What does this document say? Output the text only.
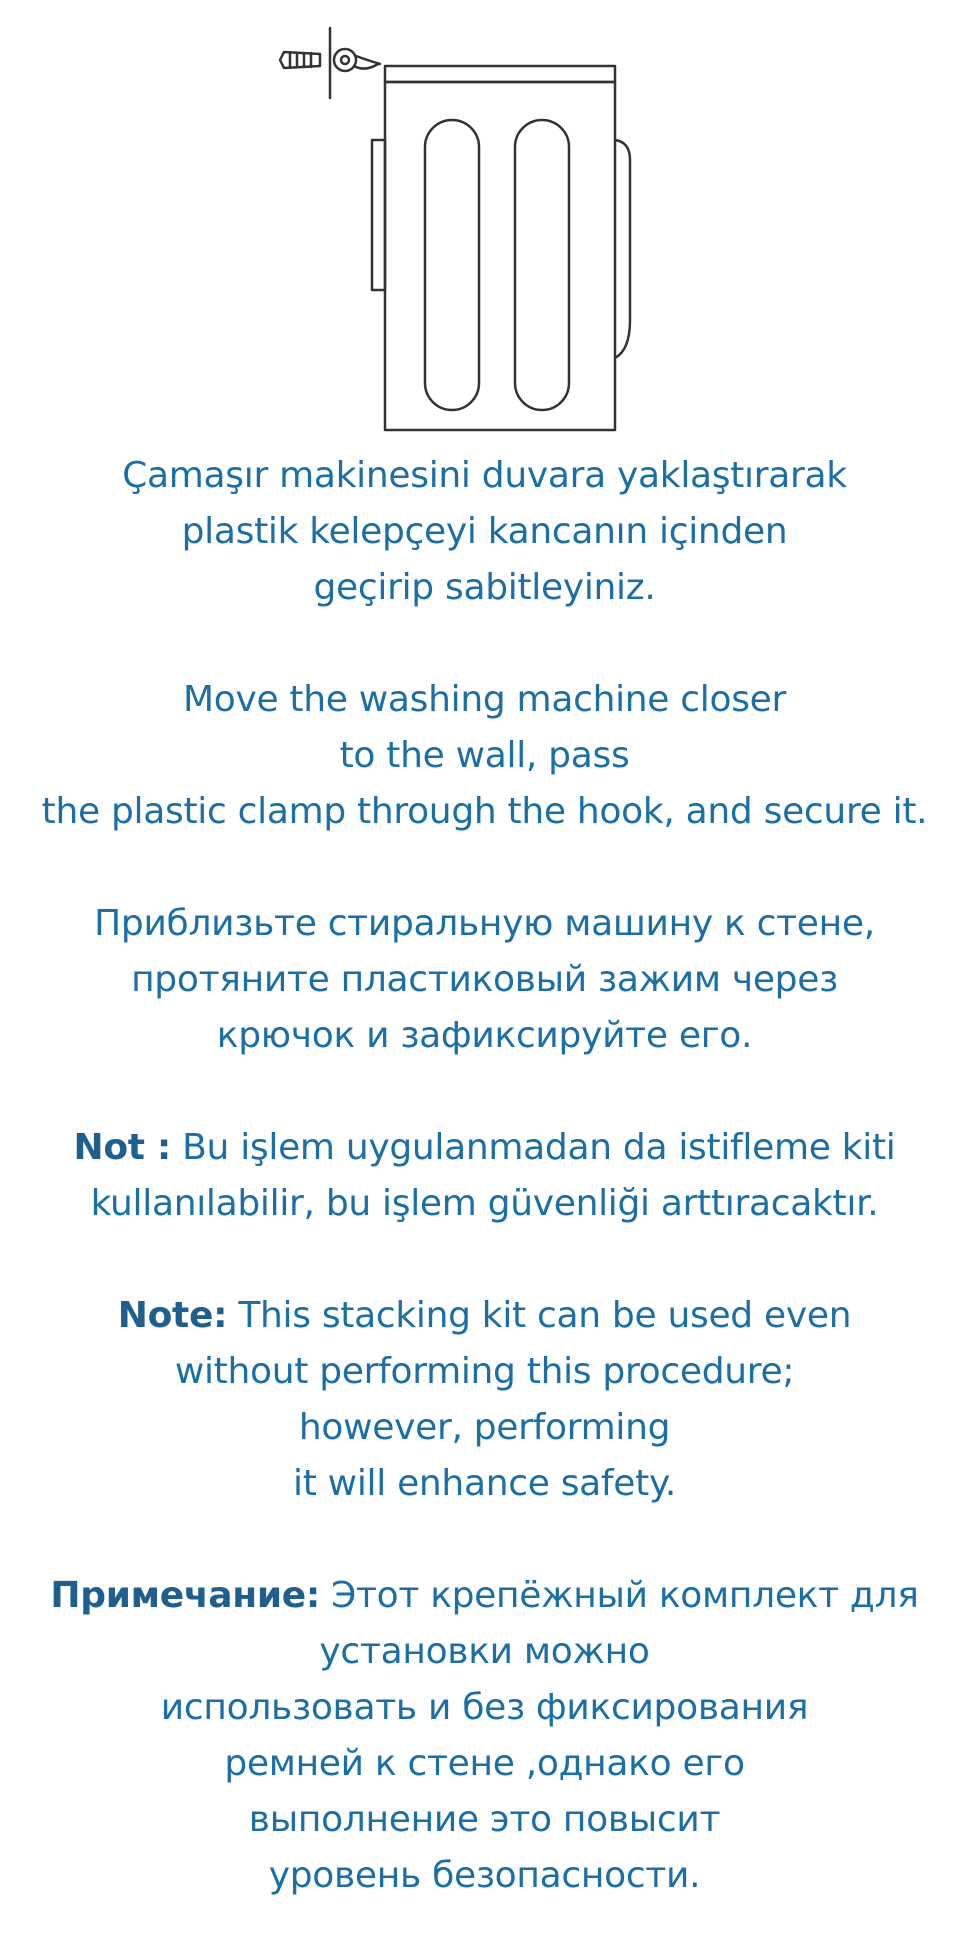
Çamaşır makinesini duvara yaklaştırarak
plastik kelepçeyi kancanın içinden
geçirip sabitleyiniz.
Move the washing machine closer
to the wall, pass
the plastic clamp through the hook, and secure it.
Приблизьте стиральную машину к стене,
протяните пластиковый зажим через
крючок и зафиксируйте его.
Not : Bu işlem uygulanmadan da istifleme kiti
kullanılabilir, bu işlem güvenliği arttıracaktır.
Note: This stacking kit can be used even
without performing this procedure;
however, performing
it will enhance safety.
Примечание: Этот крепёжный комплект для
установки можно
использовать и без фиксирования
ремней к стене ,однако его
выполнение это повысит
уровень безопасности.
